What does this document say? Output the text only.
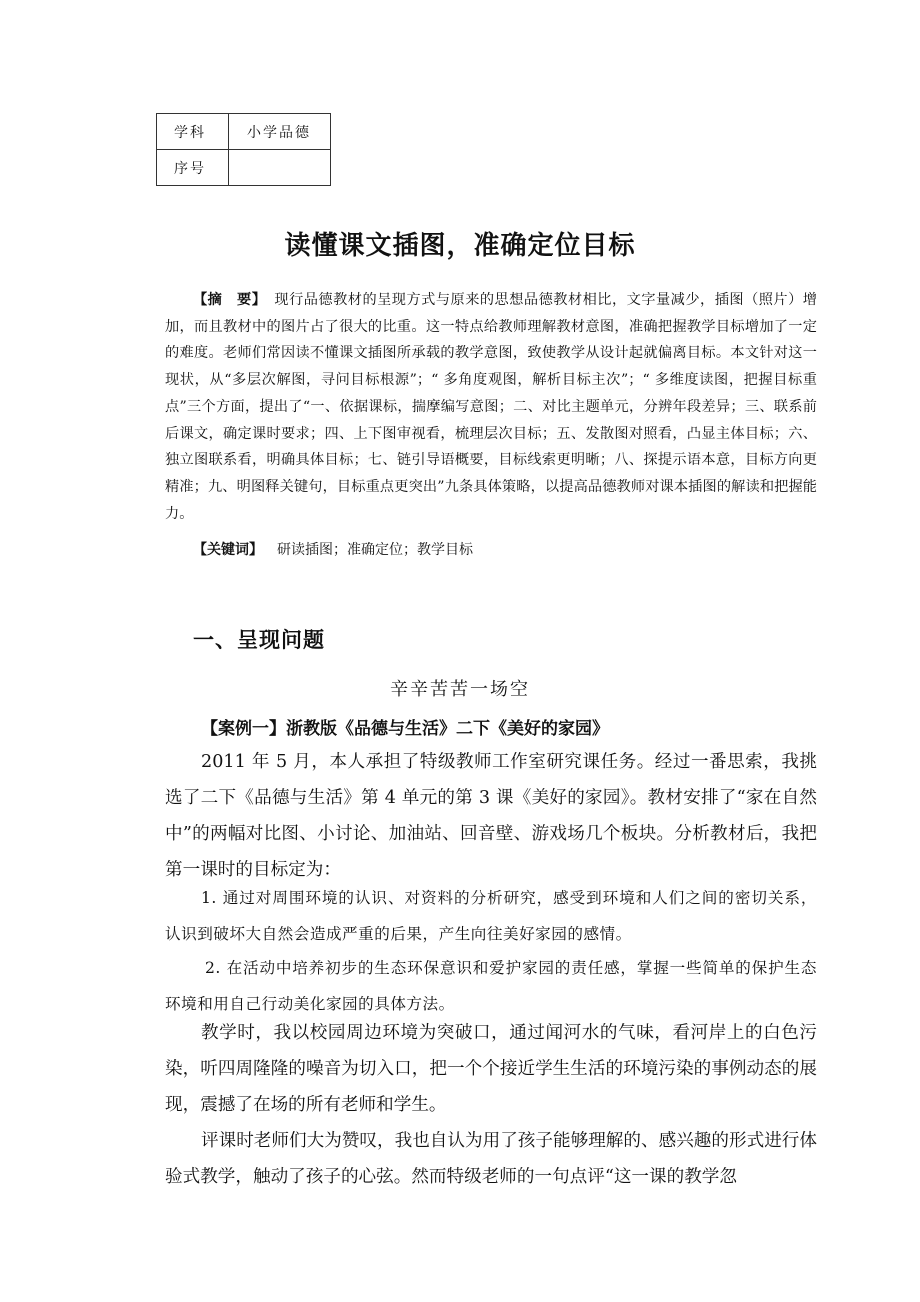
学科	小学品德
序号	
读懂课文插图，准确定位目标
【摘　要】 现行品德教材的呈现方式与原来的思想品德教材相比，文字量减少，插图（照片）增加，而且教材中的图片占了很大的比重。这一特点给教师理解教材意图，准确把握教学目标增加了一定的难度。老师们常因读不懂课文插图所承载的教学意图，致使教学从设计起就偏离目标。本文针对这一现状，从“多层次解图，寻问目标根源”；“ 多角度观图，解析目标主次”；“ 多维度读图，把握目标重点”三个方面，提出了“一、依据课标，揣摩编写意图；二、对比主题单元，分辨年段差异；三、联系前后课文，确定课时要求；四、上下图审视看，梳理层次目标；五、发散图对照看，凸显主体目标；六、独立图联系看，明确具体目标；七、链引导语概要，目标线索更明晰；八、探提示语本意，目标方向更精准；九、明图释关键句，目标重点更突出”九条具体策略，以提高品德教师对课本插图的解读和把握能力。
【关键词】 研读插图；准确定位；教学目标
一、呈现问题
辛辛苦苦一场空
【案例一】浙教版《品德与生活》二下《美好的家园》
2011 年 5 月，本人承担了特级教师工作室研究课任务。经过一番思索，我挑选了二下《品德与生活》第 4 单元的第 3 课《美好的家园》。教材安排了“家在自然中”的两幅对比图、小讨论、加油站、回音壁、游戏场几个板块。分析教材后，我把第一课时的目标定为：
1. 通过对周围环境的认识、对资料的分析研究，感受到环境和人们之间的密切关系，认识到破坏大自然会造成严重的后果，产生向往美好家园的感情。
2. 在活动中培养初步的生态环保意识和爱护家园的责任感，掌握一些简单的保护生态环境和用自己行动美化家园的具体方法。
教学时，我以校园周边环境为突破口，通过闻河水的气味，看河岸上的白色污染，听四周隆隆的噪音为切入口，把一个个接近学生生活的环境污染的事例动态的展现，震撼了在场的所有老师和学生。
评课时老师们大为赞叹，我也自认为用了孩子能够理解的、感兴趣的形式进行体验式教学，触动了孩子的心弦。然而特级老师的一句点评“这一课的教学忽
